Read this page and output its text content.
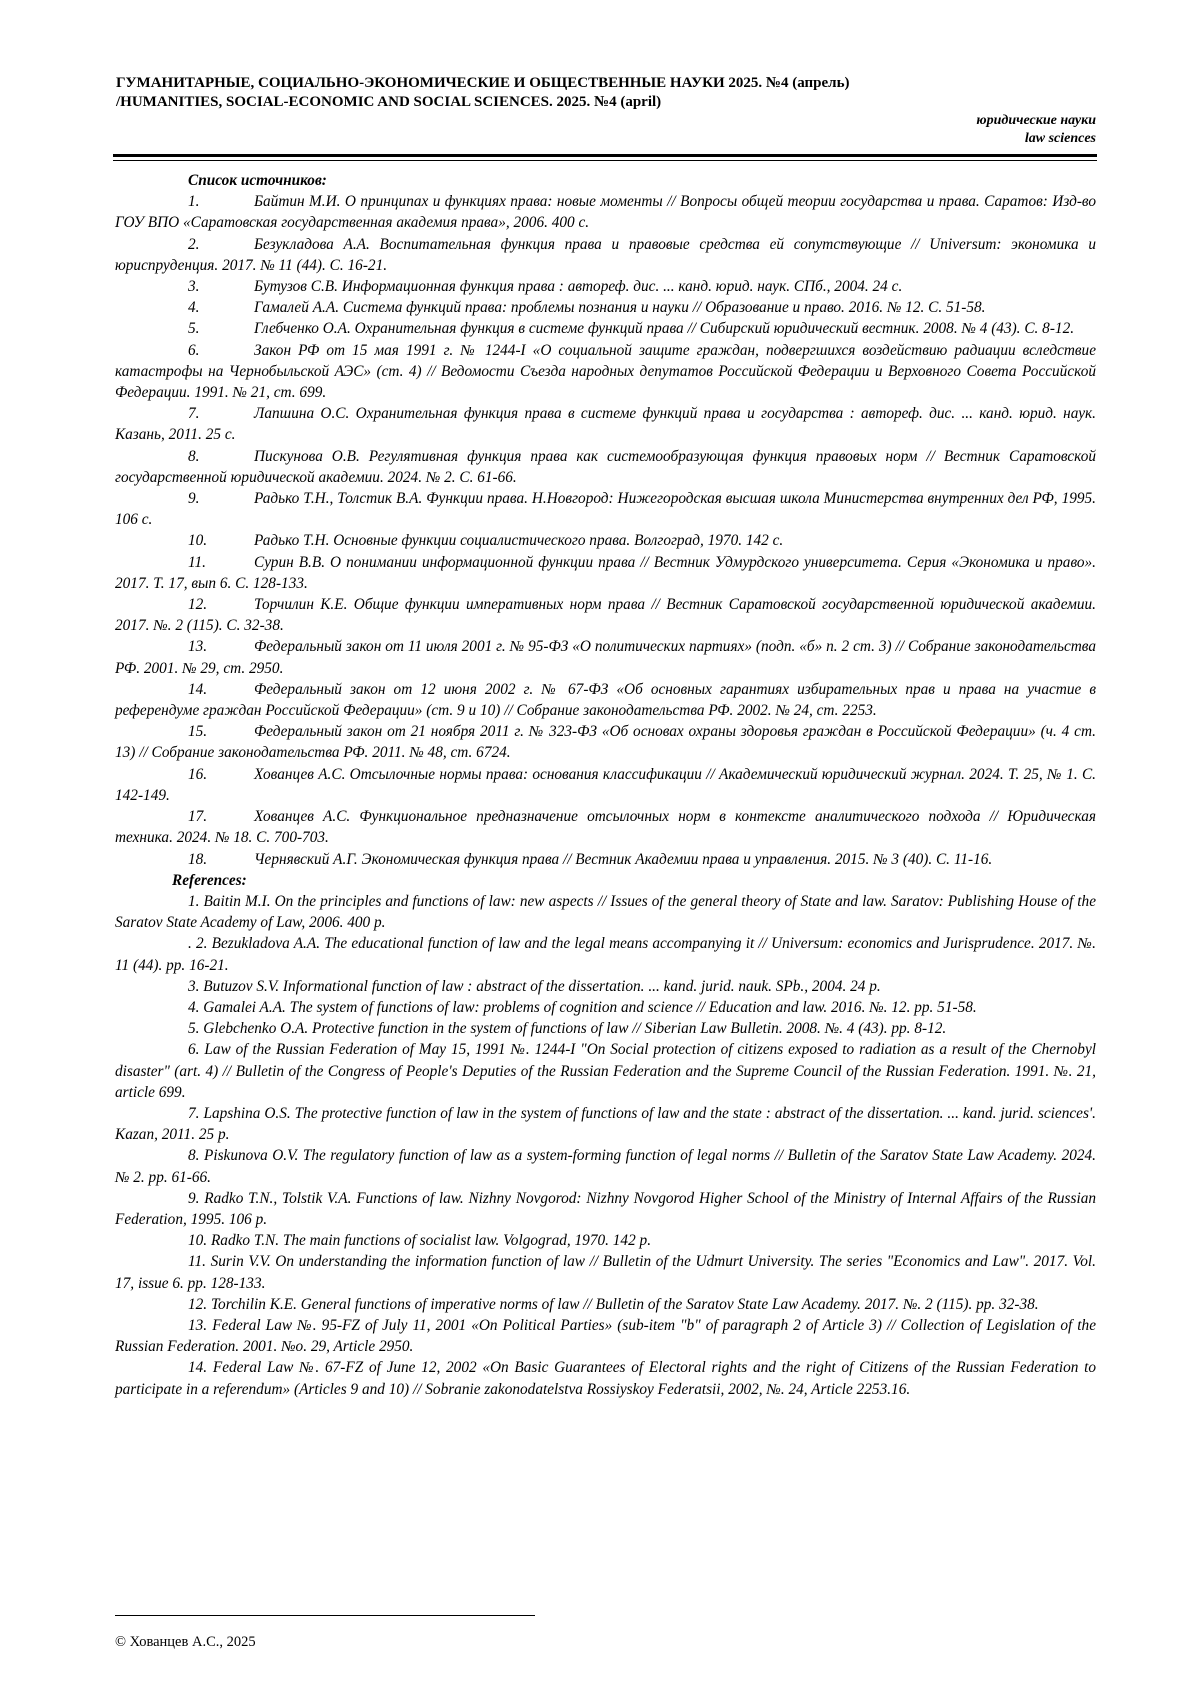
ГУМАНИТАРНЫЕ, СОЦИАЛЬНО-ЭКОНОМИЧЕСКИЕ И ОБЩЕСТВЕННЫЕ НАУКИ 2025. №4 (апрель)
/HUMANITIES, SOCIAL-ECONOMIC AND SOCIAL SCIENCES. 2025. №4 (april)
юридические науки
law sciences
Список источников:

1.	Байтин М.И. О принципах и функциях права: новые моменты // Вопросы общей теории государства и права. Саратов: Изд-во ГОУ ВПО «Саратовская государственная академия права», 2006. 400 с.

2.	Безукладова А.А. Воспитательная функция права и правовые средства ей сопутствующие // Universum: экономика и юриспруденция. 2017. № 11 (44). С. 16-21.

3.	Бутузов С.В. Информационная функция права : автореф. дис. ... канд. юрид. наук. СПб., 2004. 24 с.

4.	Гамалей А.А. Система функций права: проблемы познания и науки // Образование и право. 2016. № 12. С. 51-58.

5.	Глебченко О.А. Охранительная функция в системе функций права // Сибирский юридический вестник. 2008. № 4 (43). С. 8-12.

6.	Закон РФ от 15 мая 1991 г. № 1244-I «О социальной защите граждан, подвергшихся воздействию радиации вследствие катастрофы на Чернобыльской АЭС» (ст. 4) // Ведомости Съезда народных депутатов Российской Федерации и Верховного Совета Российской Федерации. 1991. № 21, ст. 699.

7.	Лапшина О.С. Охранительная функция права в системе функций права и государства : автореф. дис. ... канд. юрид. наук. Казань, 2011. 25 с.

8.	Пискунова О.В. Регулятивная функция права как системообразующая функция правовых норм // Вестник Саратовской государственной юридической академии. 2024. № 2. С. 61-66.

9.	Радько Т.Н., Толстик В.А. Функции права. Н.Новгород: Нижегородская высшая школа Министерства внутренних дел РФ, 1995. 106 с.

10.	Радько Т.Н. Основные функции социалистического права. Волгоград, 1970. 142 с.

11.	Сурин В.В. О понимании информационной функции права // Вестник Удмурдского университета. Серия «Экономика и право». 2017. Т. 17, вып 6. С. 128-133.

12.	Торчилин К.Е. Общие функции императивных норм права // Вестник Саратовской государственной юридической академии. 2017. №. 2 (115). С. 32-38.

13.	Федеральный закон от 11 июля 2001 г. № 95-ФЗ «О политических партиях» (подп. «б» п. 2 ст. 3) // Собрание законодательства РФ. 2001. № 29, ст. 2950.

14.	Федеральный закон от 12 июня 2002 г. № 67-ФЗ «Об основных гарантиях избирательных прав и права на участие в референдуме граждан Российской Федерации» (ст. 9 и 10) // Собрание законодательства РФ. 2002. № 24, ст. 2253.

15.	Федеральный закон от 21 ноября 2011 г. № 323-ФЗ «Об основах охраны здоровья граждан в Российской Федерации» (ч. 4 ст. 13) // Собрание законодательства РФ. 2011. № 48, ст. 6724.

16.	Хованцев А.С. Отсылочные нормы права: основания классификации // Академический юридический журнал. 2024. Т. 25, № 1. С. 142-149.

17.	Хованцев А.С. Функциональное предназначение отсылочных норм в контексте аналитического подхода // Юридическая техника. 2024. № 18. С. 700-703.

18.	Чернявский А.Г. Экономическая функция права // Вестник Академии права и управления. 2015. № 3 (40). С. 11-16.

References:

1. Baitin M.I. On the principles and functions of law: new aspects // Issues of the general theory of State and law. Saratov: Publishing House of the Saratov State Academy of Law, 2006. 400 p.

. 2. Bezukladova A.A. The educational function of law and the legal means accompanying it // Universum: economics and Jurisprudence. 2017. №. 11 (44). pp. 16-21.

3. Butuzov S.V. Informational function of law : abstract of the dissertation. ... kand. jurid. nauk. SPb., 2004. 24 p.

4. Gamalei A.A. The system of functions of law: problems of cognition and science // Education and law. 2016. №. 12. pp. 51-58.

5. Glebchenko O.A. Protective function in the system of functions of law // Siberian Law Bulletin. 2008. №. 4 (43). pp. 8-12.

6. Law of the Russian Federation of May 15, 1991 №. 1244-I "On Social protection of citizens exposed to radiation as a result of the Chernobyl disaster" (art. 4) // Bulletin of the Congress of People's Deputies of the Russian Federation and the Supreme Council of the Russian Federation. 1991. №. 21, article 699.

7. Lapshina O.S. The protective function of law in the system of functions of law and the state : abstract of the dissertation. ... kand. jurid. sciences'. Kazan, 2011. 25 p.

8. Piskunova O.V. The regulatory function of law as a system-forming function of legal norms // Bulletin of the Saratov State Law Academy. 2024. № 2. pp. 61-66.

9. Radko T.N., Tolstik V.A. Functions of law. Nizhny Novgorod: Nizhny Novgorod Higher School of the Ministry of Internal Affairs of the Russian Federation, 1995. 106 p.

10. Radko T.N. The main functions of socialist law. Volgograd, 1970. 142 p.

11. Surin V.V. On understanding the information function of law // Bulletin of the Udmurt University. The series "Economics and Law". 2017. Vol. 17, issue 6. pp. 128-133.

12. Torchilin K.E. General functions of imperative norms of law // Bulletin of the Saratov State Law Academy. 2017. №. 2 (115). pp. 32-38.

13. Federal Law №. 95-FZ of July 11, 2001 «On Political Parties» (sub-item "b" of paragraph 2 of Article 3) // Collection of Legislation of the Russian Federation. 2001. №o. 29, Article 2950.

14. Federal Law №. 67-FZ of June 12, 2002 «On Basic Guarantees of Electoral rights and the right of Citizens of the Russian Federation to participate in a referendum» (Articles 9 and 10) // Sobranie zakonodatelstva Rossiyskoy Federatsii, 2002, №. 24, Article 2253.16.

© Хованцев А.С., 2025
